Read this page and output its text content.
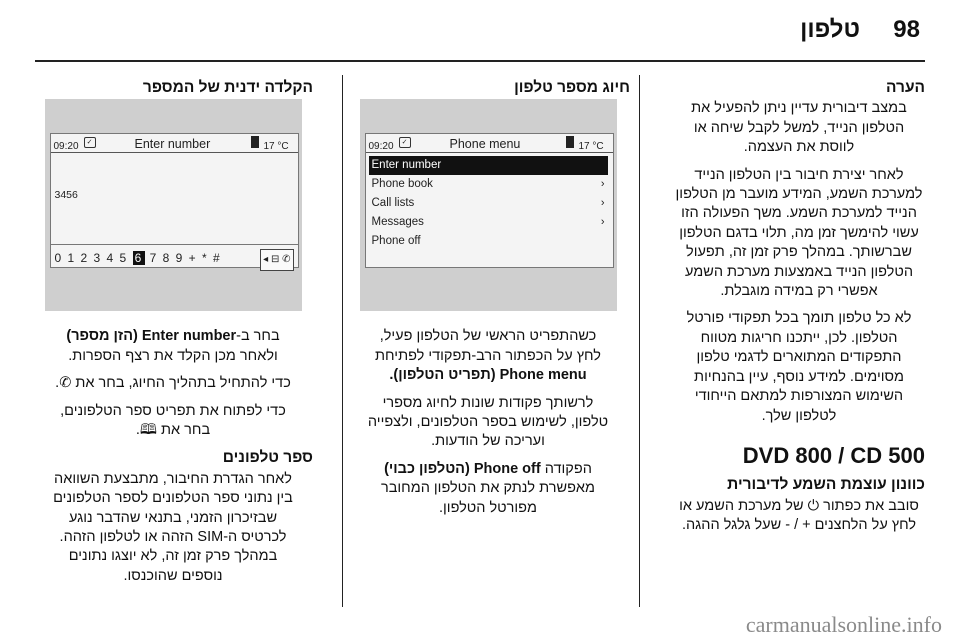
98
טלפון
הערה

במצב דיבורית עדיין ניתן להפעיל את
הטלפון הנייד, למשל לקבל שיחה או
לווסת את העצמה.

לאחר יצירת חיבור בין הטלפון הנייד
למערכת השמע, המידע מועבר מן הטלפון
הנייד למערכת השמע. משך הפעולה הזו
עשוי להימשך זמן מה, תלוי בדגם הטלפון
שברשותך. במהלך פרק זמן זה, תפעול
הטלפון הנייד באמצעות מערכת השמע
אפשרי רק במידה מוגבלת.

לא כל טלפון תומך בכל תפקודי פורטל
הטלפון. לכן, ייתכנו חריגות מטווח
התפקודים המתוארים לדגמי טלפון
מסוימים. למידע נוסף, עיין בהנחיות
השימוש המצורפות למתאם הייחודי
לטלפון שלך.

DVD 800 / CD 500
כוונון עוצמת השמע לדיבורית

סובב את כפתור ⏻ של מערכת השמע או
לחץ על הלחצנים + / - שעל גלגל ההגה.

חיוג מספר טלפון
09:20	✓	Phone menu	17 °C
Enter number
Phone book	›
Call lists	›
Messages	›
Phone off

כשהתפריט הראשי של הטלפון פעיל,
לחץ על הכפתור הרב-תפקודי לפתיחת
Phone menu (תפריט הטלפון).

לרשותך פקודות שונות לחיוג מספרי
טלפון, לשימוש בספר הטלפונים, ולצפייה
ועריכה של הודעות.

הפקודה Phone off (הטלפון כבוי)
מאפשרת לנתק את הטלפון המחובר
מפורטל הטלפון.

הקלדה ידנית של המספר
09:20	✓	Enter number	17 °C
3456
0 1 2 3 4 5 6 7 8 9 + * #	◂ ⊟ ✆

בחר ב-Enter number (הזן מספר)
ולאחר מכן הקלד את רצף הספרות.

כדי להתחיל בתהליך החיוג, בחר את ✆.

כדי לפתוח את תפריט ספר הטלפונים,
בחר את 🕮.

ספר טלפונים

לאחר הגדרת החיבור, מתבצעת השוואה
בין נתוני ספר הטלפונים לספר הטלפונים
שבזיכרון הזמני, בתנאי שהדבר נוגע
לכרטיס ה-SIM הזהה או לטלפון הזהה.
במהלך פרק זמן זה, לא יוצגו נתונים
נוספים שהוכנסו.

carmanualsonline.info
